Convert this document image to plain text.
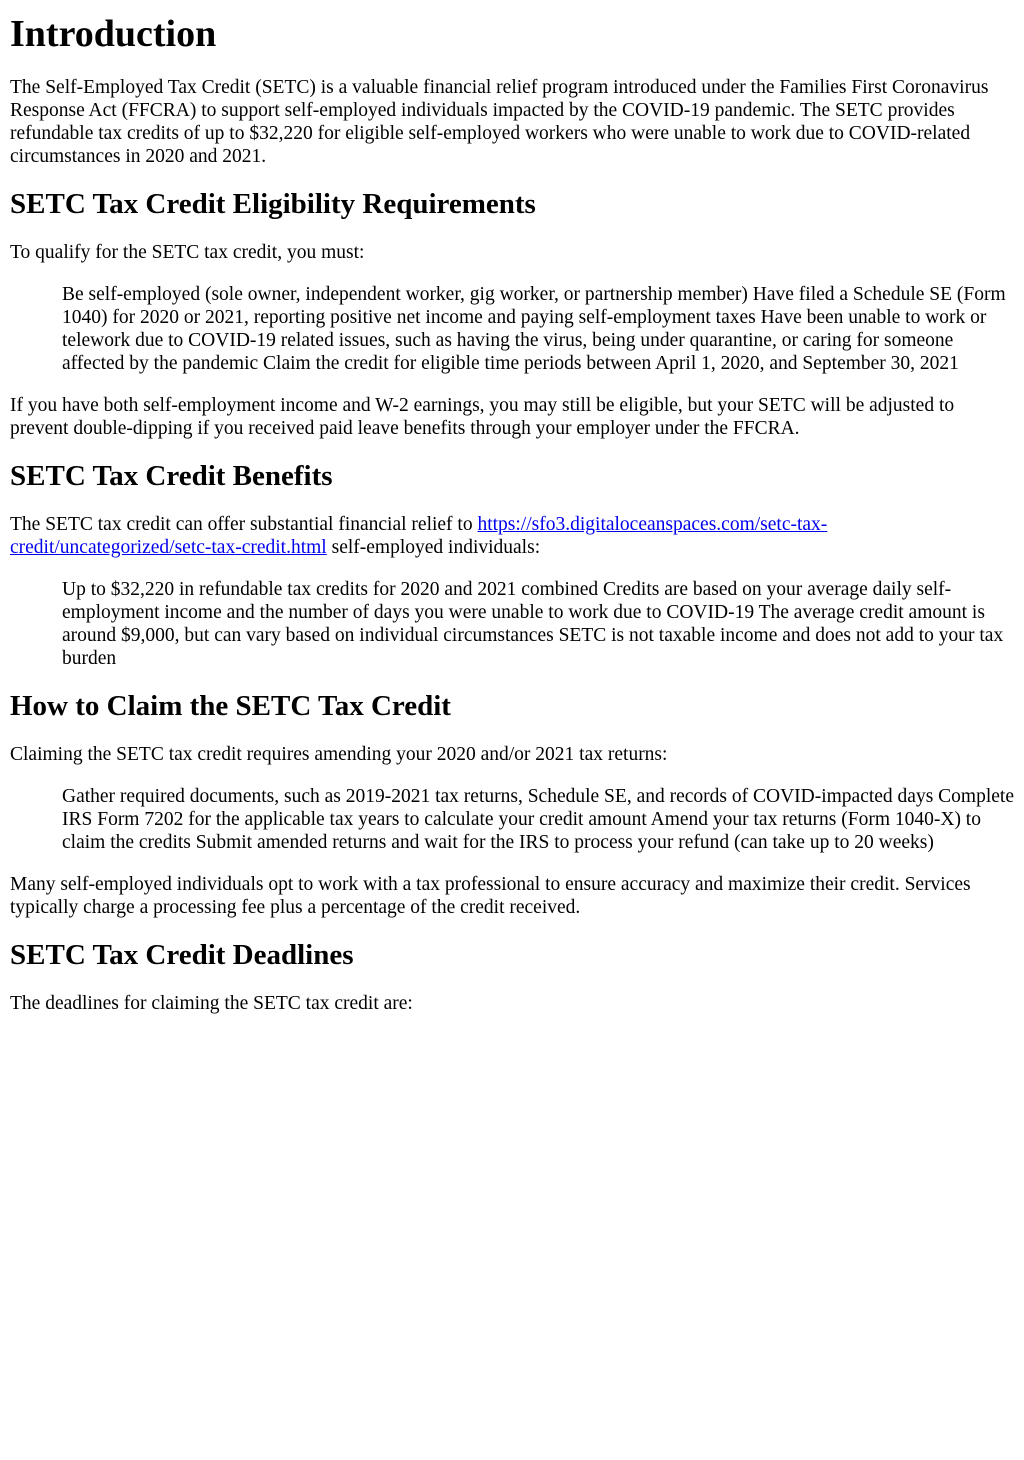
Introduction

The Self-Employed Tax Credit (SETC) is a valuable financial relief program introduced under the Families First Coronavirus Response Act (FFCRA) to support self-employed individuals impacted by the COVID-19 pandemic. The SETC provides refundable tax credits of up to $32,220 for eligible self-employed workers who were unable to work due to COVID-related circumstances in 2020 and 2021.

SETC Tax Credit Eligibility Requirements

To qualify for the SETC tax credit, you must:

Be self-employed (sole owner, independent worker, gig worker, or partnership member) Have filed a Schedule SE (Form 1040) for 2020 or 2021, reporting positive net income and paying self-employment taxes Have been unable to work or telework due to COVID-19 related issues, such as having the virus, being under quarantine, or caring for someone affected by the pandemic Claim the credit for eligible time periods between April 1, 2020, and September 30, 2021

If you have both self-employment income and W-2 earnings, you may still be eligible, but your SETC will be adjusted to prevent double-dipping if you received paid leave benefits through your employer under the FFCRA.

SETC Tax Credit Benefits

The SETC tax credit can offer substantial financial relief to https://sfo3.digitaloceanspaces.com/setc-tax-credit/uncategorized/setc-tax-credit.html self-employed individuals:

Up to $32,220 in refundable tax credits for 2020 and 2021 combined Credits are based on your average daily self-employment income and the number of days you were unable to work due to COVID-19 The average credit amount is around $9,000, but can vary based on individual circumstances SETC is not taxable income and does not add to your tax burden
How to Claim the SETC Tax Credit

Claiming the SETC tax credit requires amending your 2020 and/or 2021 tax returns:

Gather required documents, such as 2019-2021 tax returns, Schedule SE, and records of COVID-impacted days Complete IRS Form 7202 for the applicable tax years to calculate your credit amount Amend your tax returns (Form 1040-X) to claim the credits Submit amended returns and wait for the IRS to process your refund (can take up to 20 weeks)

Many self-employed individuals opt to work with a tax professional to ensure accuracy and maximize their credit. Services typically charge a processing fee plus a percentage of the credit received.

SETC Tax Credit Deadlines

The deadlines for claiming the SETC tax credit are:
